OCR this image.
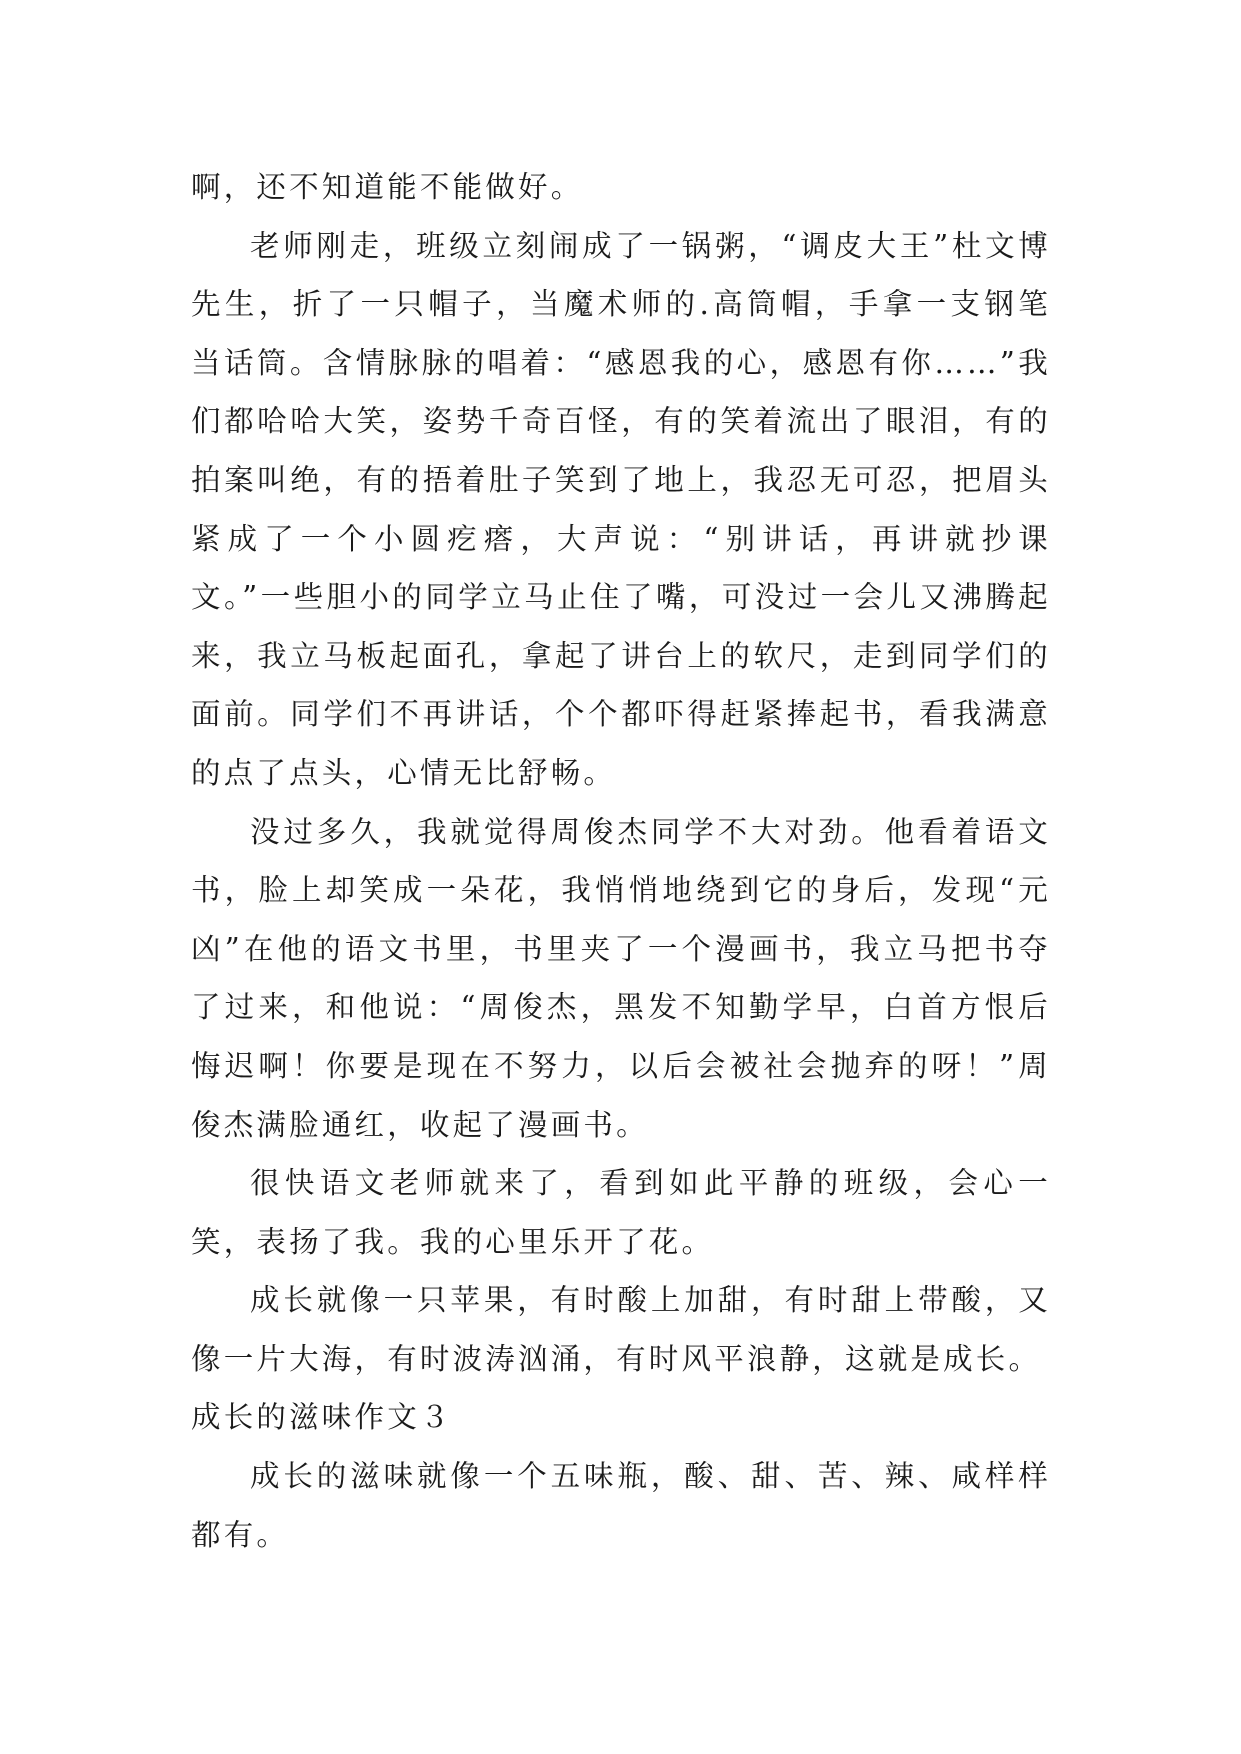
啊，还不知道能不能做好。

老师刚走，班级立刻闹成了一锅粥，“调皮大王”杜文博先生，折了一只帽子，当魔术师的.高筒帽，手拿一支钢笔当话筒。含情脉脉的唱着：“感恩我的心，感恩有你……”我们都哈哈大笑，姿势千奇百怪，有的笑着流出了眼泪，有的拍案叫绝，有的捂着肚子笑到了地上，我忍无可忍，把眉头紧成了一个小圆疙瘩，大声说：“别讲话，再讲就抄课文。”一些胆小的同学立马止住了嘴，可没过一会儿又沸腾起来，我立马板起面孔，拿起了讲台上的软尺，走到同学们的面前。同学们不再讲话，个个都吓得赶紧捧起书，看我满意的点了点头，心情无比舒畅。

没过多久，我就觉得周俊杰同学不大对劲。他看着语文书，脸上却笑成一朵花，我悄悄地绕到它的身后，发现“元凶”在他的语文书里，书里夹了一个漫画书，我立马把书夺了过来，和他说：“周俊杰，黑发不知勤学早，白首方恨后悔迟啊！你要是现在不努力，以后会被社会抛弃的呀！”周俊杰满脸通红，收起了漫画书。

很快语文老师就来了，看到如此平静的班级，会心一笑，表扬了我。我的心里乐开了花。

成长就像一只苹果，有时酸上加甜，有时甜上带酸，又像一片大海，有时波涛汹涌，有时风平浪静，这就是成长。

成长的滋味作文３

成长的滋味就像一个五味瓶，酸、甜、苦、辣、咸样样都有。
